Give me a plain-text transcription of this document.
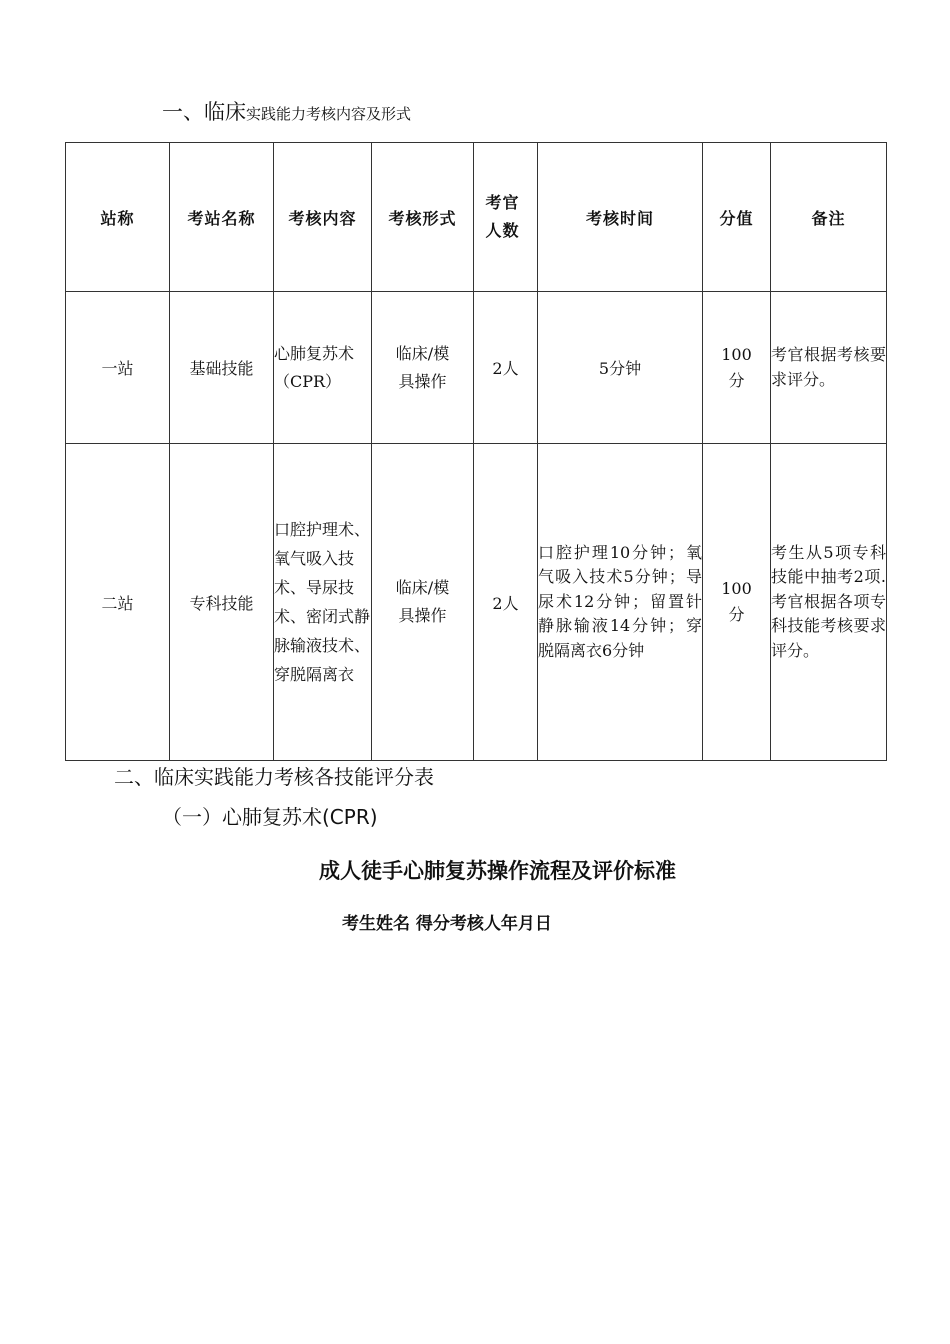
一、临床实践能力考核内容及形式
站称	考站名称	考核内容	考核形式	考官人数	考核时间	分值	备注
一站	基础技能	心肺复苏术（CPR）	临床/模具操作	2人	5分钟	100分	考官根据考核要求评分。
二站	专科技能	口腔护理术、氧气吸入技术、导尿技术、密闭式静脉输液技术、穿脱隔离衣	临床/模具操作	2人	口腔护理10分钟；氧气吸入技术5分钟；导尿术12分钟；留置针静脉输液14分钟；穿脱隔离衣6分钟	100分	考生从5项专科技能中抽考2项.考官根据各项专科技能考核要求评分。
二、临床实践能力考核各技能评分表
（一）心肺复苏术(CPR)
成人徒手心肺复苏操作流程及评价标准
考生姓名 得分考核人年月日
